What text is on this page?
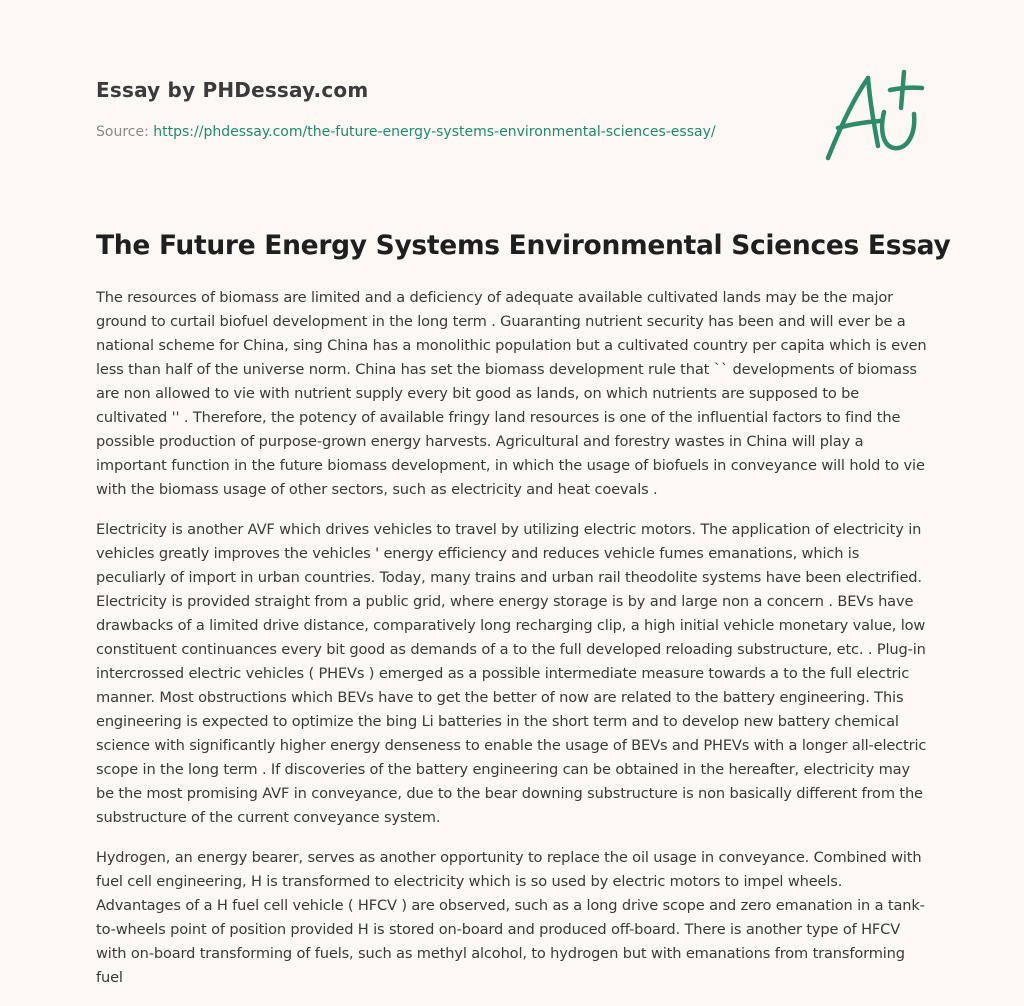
Essay by PHDessay.com
Source: https://phdessay.com/the-future-energy-systems-environmental-sciences-essay/
The Future Energy Systems Environmental Sciences Essay

The resources of biomass are limited and a deficiency of adequate available cultivated lands may be the major ground to curtail biofuel development in the long term . Guaranting nutrient security has been and will ever be a national scheme for China, sing China has a monolithic population but a cultivated country per capita which is even less than half of the universe norm. China has set the biomass development rule that `` developments of biomass are non allowed to vie with nutrient supply every bit good as lands, on which nutrients are supposed to be cultivated '' . Therefore, the potency of available fringy land resources is one of the influential factors to find the possible production of purpose-grown energy harvests. Agricultural and forestry wastes in China will play a important function in the future biomass development, in which the usage of biofuels in conveyance will hold to vie with the biomass usage of other sectors, such as electricity and heat coevals .

Electricity is another AVF which drives vehicles to travel by utilizing electric motors. The application of electricity in vehicles greatly improves the vehicles ' energy efficiency and reduces vehicle fumes emanations, which is peculiarly of import in urban countries. Today, many trains and urban rail theodolite systems have been electrified. Electricity is provided straight from a public grid, where energy storage is by and large non a concern . BEVs have drawbacks of a limited drive distance, comparatively long recharging clip, a high initial vehicle monetary value, low constituent continuances every bit good as demands of a to the full developed reloading substructure, etc. . Plug-in intercrossed electric vehicles ( PHEVs ) emerged as a possible intermediate measure towards a to the full electric manner. Most obstructions which BEVs have to get the better of now are related to the battery engineering. This engineering is expected to optimize the bing Li batteries in the short term and to develop new battery chemical science with significantly higher energy denseness to enable the usage of BEVs and PHEVs with a longer all-electric scope in the long term . If discoveries of the battery engineering can be obtained in the hereafter, electricity may be the most promising AVF in conveyance, due to the bear downing substructure is non basically different from the substructure of the current conveyance system.

Hydrogen, an energy bearer, serves as another opportunity to replace the oil usage in conveyance. Combined with fuel cell engineering, H is transformed to electricity which is so used by electric motors to impel wheels. Advantages of a H fuel cell vehicle ( HFCV ) are observed, such as a long drive scope and zero emanation in a tank-to-wheels point of position provided H is stored on-board and produced off-board. There is another type of HFCV with on-board transforming of fuels, such as methyl alcohol, to hydrogen but with emanations from transforming fuel
